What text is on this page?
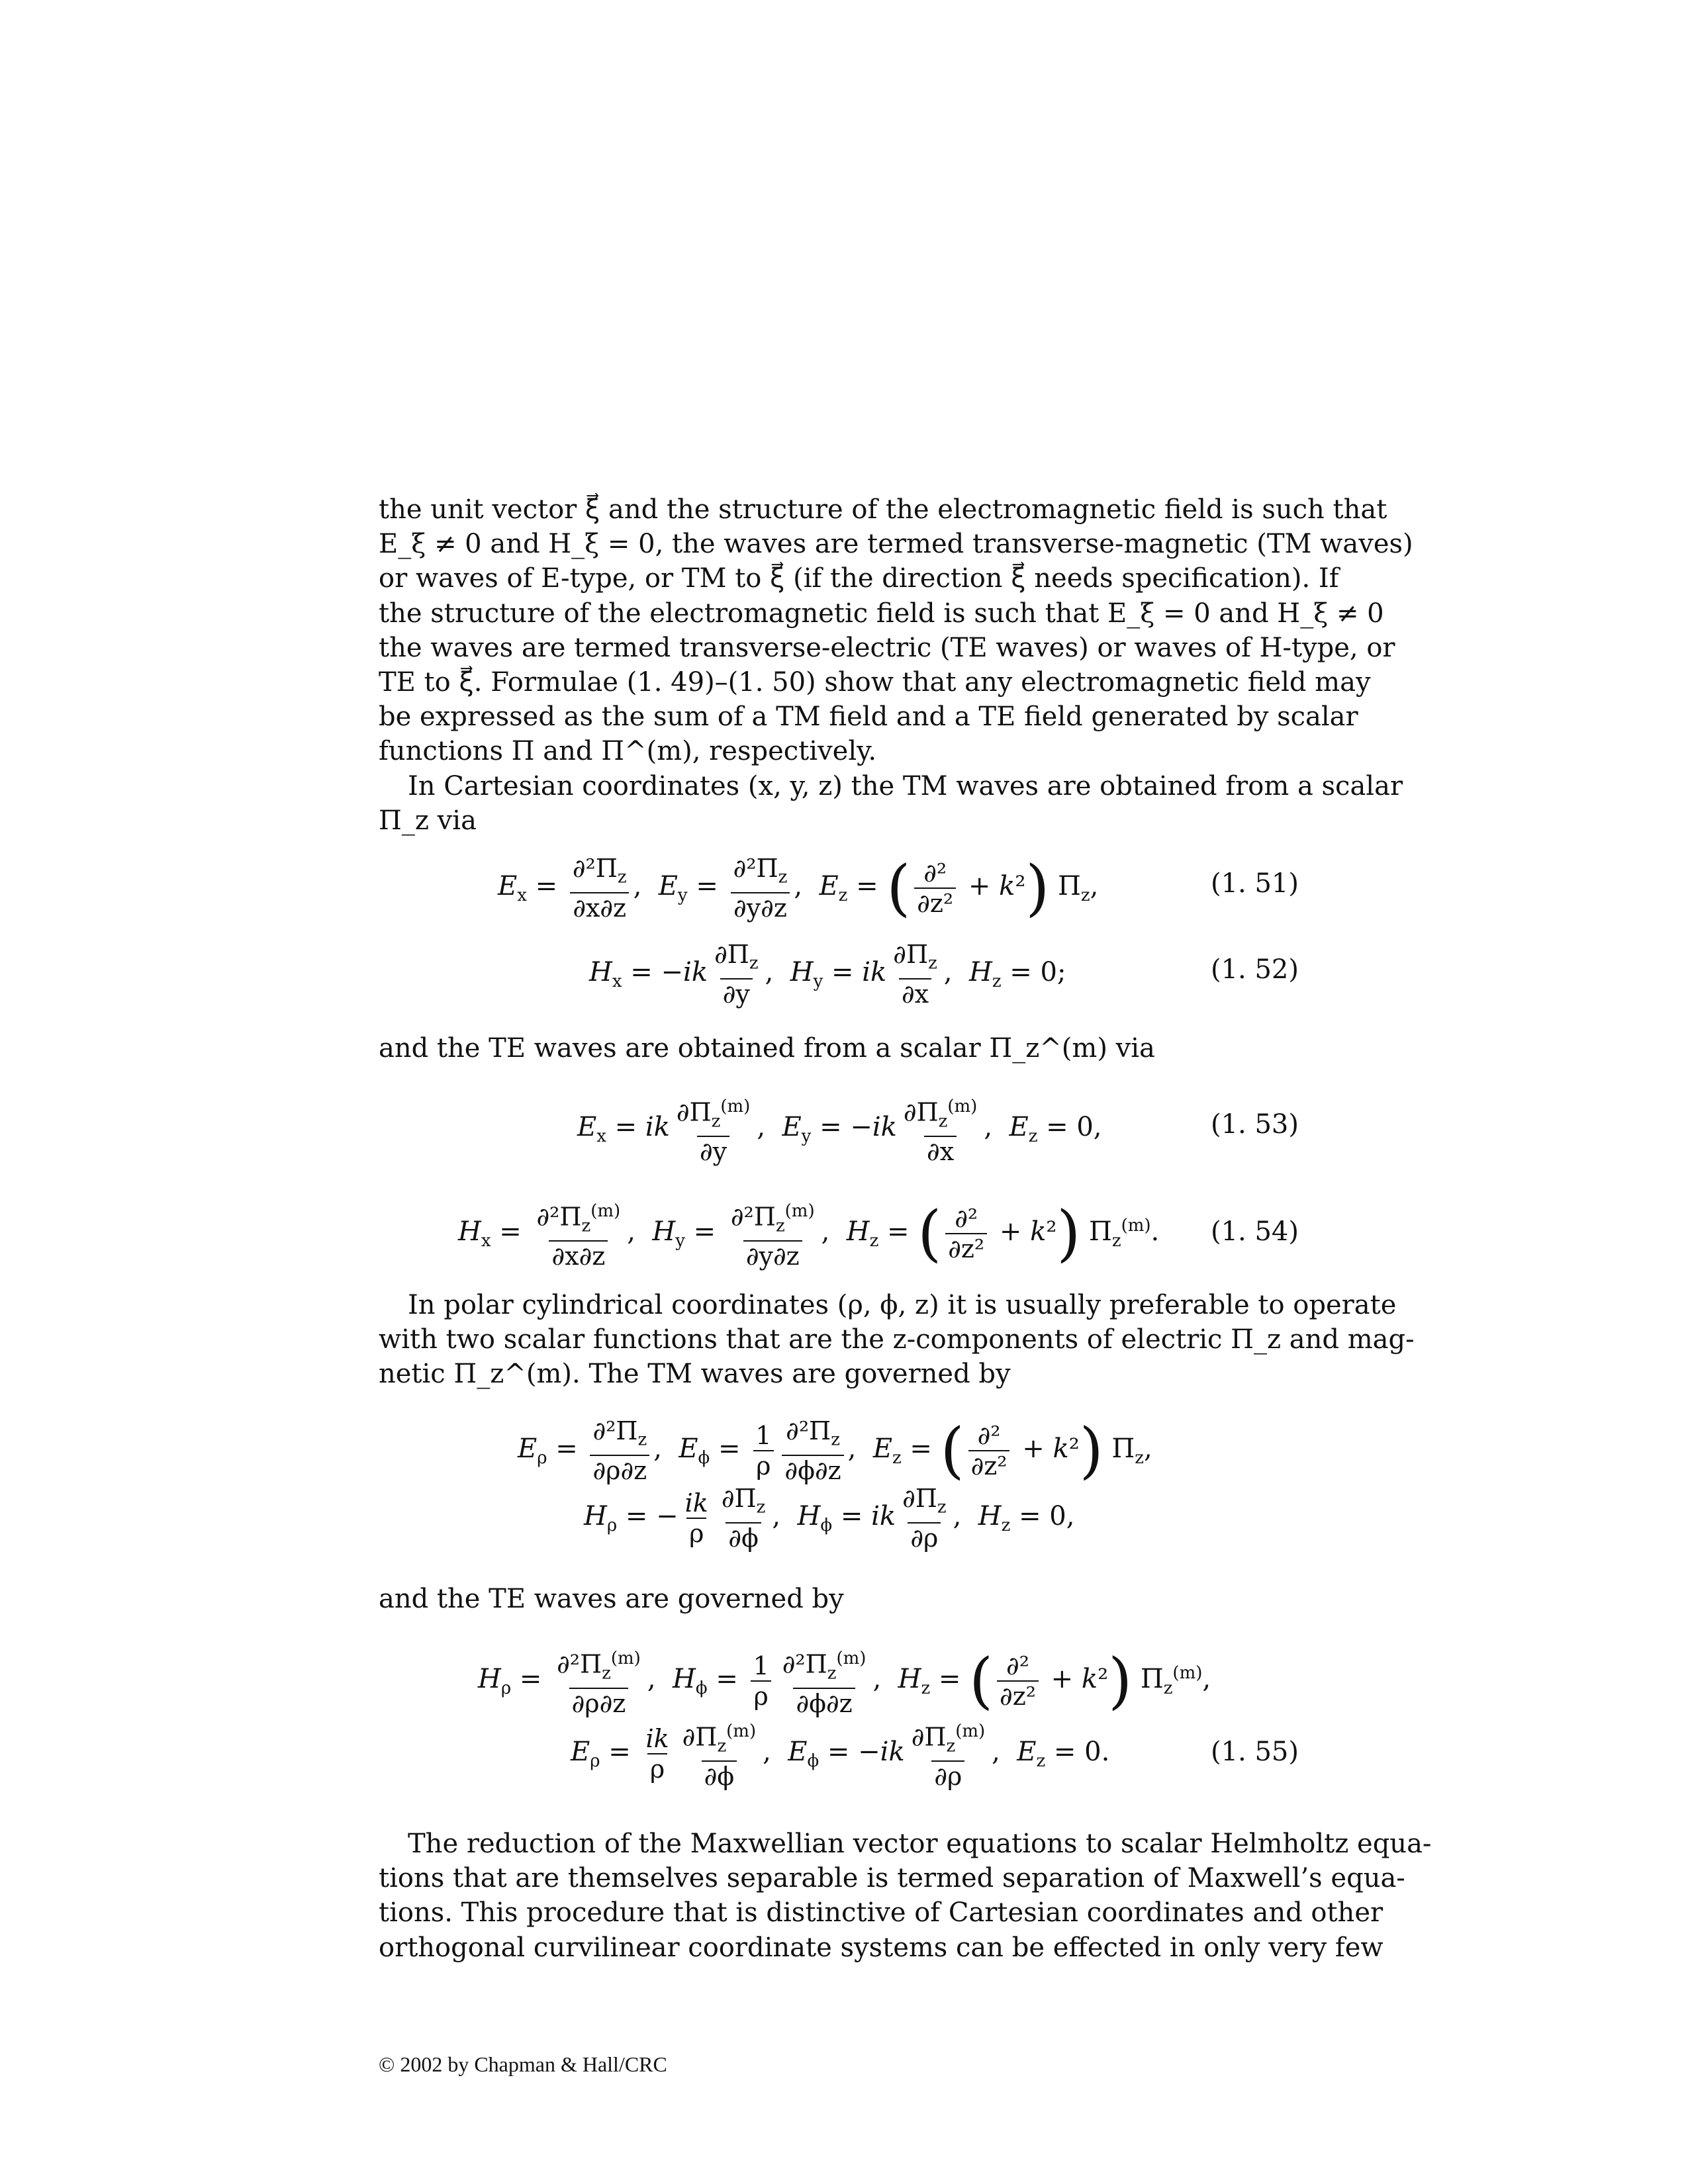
the unit vector ξ⃗ and the structure of the electromagnetic field is such that
E_ξ ≠ 0 and H_ξ = 0, the waves are termed transverse-magnetic (TM waves)
or waves of E-type, or TM to ξ⃗ (if the direction ξ⃗ needs specification). If
the structure of the electromagnetic field is such that E_ξ = 0 and H_ξ ≠ 0
the waves are termed transverse-electric (TE waves) or waves of H-type, or
TE to ξ⃗. Formulae (1. 49)–(1. 50) show that any electromagnetic field may
be expressed as the sum of a TM field and a TE field generated by scalar
functions Π and Π^(m), respectively.
In Cartesian coordinates (x, y, z) the TM waves are obtained from a scalar
Π_z via
$E_x = \frac{\partial^2\Pi_z}{\partial x\partial z}$ ,  $E_y = \frac{\partial^2\Pi_z}{\partial y\partial z}$ ,  $E_z$ = ( $\frac{\text{∂²}}{\text{∂z²}} + k^2$) $\Pi_z$,	(1. 51)
$H_x = -ik \frac{\partial\Pi_z}{\partial y}$ ,  $H_y$ = ik $\frac{\partial\Pi_z}{\partial x}$ ,  $H_z = 0$;	(1. 52)
and the TE waves are obtained from a scalar Π_z^(m) via
$E_x$ = ik $\frac{\partial\Pi_z^{(m)}}{\partial y}$ ,  $E_y = -ik \frac{\partial\Pi_z^{(m)}}{\partial x}$ ,  $E_z = 0$,	(1. 53)
$H_x = \frac{\partial^2\Pi_z^{(m)}}{\partial x\partial z}$ ,  $H_y = \frac{\partial^2\Pi_z^{(m)}}{\partial y\partial z}$ ,  $H_z$ = ( $\frac{\text{∂²}}{\text{∂z²}} + k^2$) $\Pi_z^{(m)}$. (1. 54)
In polar cylindrical coordinates (ρ, ϕ, z) it is usually preferable to operate
with two scalar functions that are the z-components of electric Π_z and mag-
netic Π_z^(m). The TM waves are governed by
$E_\rho = \frac{\partial^2\Pi_z}{\partial\rho\partial z}$ ,  $E_\phi = \frac{1}{\rho} \frac{\partial^2\Pi_z}{\partial\phi\partial z}$ ,  $E_z$ = ( $\frac{\text{∂²}}{\text{∂z²}} + k^2$) $\Pi_z$,
$H_\rho$ = − $\frac{ik}{\rho} \frac{\partial\Pi_z}{\partial\phi}$ ,  $H_\phi$ = ik $\frac{\partial\Pi_z}{\partial\rho}$ ,  $H_z = 0$,
and the TE waves are governed by
$H_\rho = \frac{\partial^2\Pi_z^{(m)}}{\partial\rho\partial z}$ ,  $H_\phi = \frac{1}{\rho} \frac{\partial^2\Pi_z^{(m)}}{\partial\phi\partial z}$ ,  $H_z$ = ( $\frac{\text{∂²}}{\text{∂z²}} + k^2$) $\Pi_z^{(m)}$,
$E_\rho = \frac{ik}{\rho} \frac{\partial\Pi_z^{(m)}}{\partial\phi}$ ,  $E_\phi = -ik \frac{\partial\Pi_z^{(m)}}{\partial\rho}$ ,  $E_z = 0$.	(1. 55)
The reduction of the Maxwellian vector equations to scalar Helmholtz equa-
tions that are themselves separable is termed separation of Maxwell’s equa-
tions. This procedure that is distinctive of Cartesian coordinates and other
orthogonal curvilinear coordinate systems can be effected in only very few
© 2002 by Chapman & Hall/CRC
